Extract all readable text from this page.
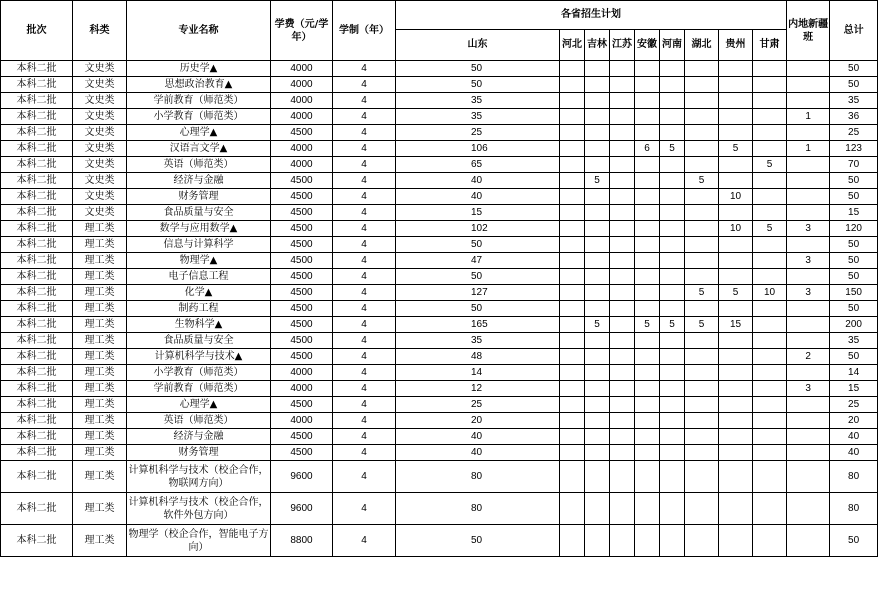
批次	科类	专业名称	学费（元/学年）	学制（年）	各省招生计划									内地新疆班	总计
					山东	河北	吉林	江苏	安徽	河南	湖北	贵州	甘肃		
本科二批	文史类	历史学▲	4000	4	50										50
本科二批	文史类	思想政治教育▲	4000	4	50										50
本科二批	文史类	学前教育（师范类）	4000	4	35										35
本科二批	文史类	小学教育（师范类）	4000	4	35									1	36
本科二批	文史类	心理学▲	4500	4	25										25
本科二批	文史类	汉语言文学▲	4000	4	106				6	5		5		1	123
本科二批	文史类	英语（师范类）	4000	4	65								5		70
本科二批	文史类	经济与金融	4500	4	40		5				5				50
本科二批	文史类	财务管理	4500	4	40							10			50
本科二批	文史类	食品质量与安全	4500	4	15										15
本科二批	理工类	数学与应用数学▲	4500	4	102							10	5	3	120
本科二批	理工类	信息与计算科学	4500	4	50										50
本科二批	理工类	物理学▲	4500	4	47									3	50
本科二批	理工类	电子信息工程	4500	4	50										50
本科二批	理工类	化学▲	4500	4	127						5	5	10	3	150
本科二批	理工类	制药工程	4500	4	50										50
本科二批	理工类	生物科学▲	4500	4	165		5		5	5	5	15			200
本科二批	理工类	食品质量与安全	4500	4	35										35
本科二批	理工类	计算机科学与技术▲	4500	4	48									2	50
本科二批	理工类	小学教育（师范类）	4000	4	14										14
本科二批	理工类	学前教育（师范类）	4000	4	12									3	15
本科二批	理工类	心理学▲	4500	4	25										25
本科二批	理工类	英语（师范类）	4000	4	20										20
本科二批	理工类	经济与金融	4500	4	40										40
本科二批	理工类	财务管理	4500	4	40										40
本科二批	理工类	计算机科学与技术（校企合作，物联网方向）	9600	4	80										80
本科二批	理工类	计算机科学与技术（校企合作，软件外包方向）	9600	4	80										80
本科二批	理工类	物理学（校企合作，智能电子方向）	8800	4	50										50
